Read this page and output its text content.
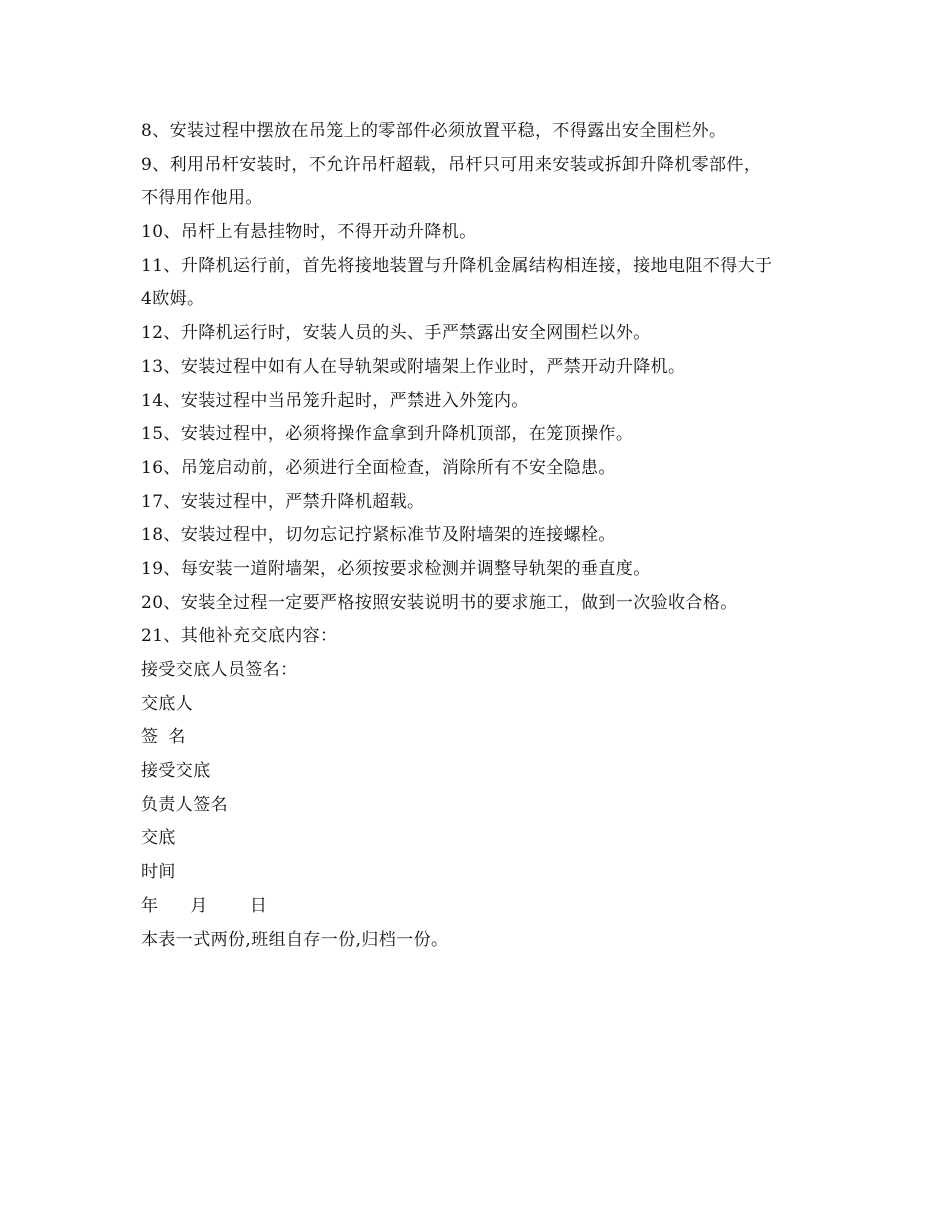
8、安装过程中摆放在吊笼上的零部件必须放置平稳，不得露出安全围栏外。
9、利用吊杆安装时，不允许吊杆超载，吊杆只可用来安装或拆卸升降机零部件，
不得用作他用。
10、吊杆上有悬挂物时，不得开动升降机。
11、升降机运行前，首先将接地装置与升降机金属结构相连接，接地电阻不得大于
4欧姆。
12、升降机运行时，安装人员的头、手严禁露出安全网围栏以外。
13、安装过程中如有人在导轨架或附墙架上作业时，严禁开动升降机。
14、安装过程中当吊笼升起时，严禁进入外笼内。
15、安装过程中，必须将操作盒拿到升降机顶部，在笼顶操作。
16、吊笼启动前，必须进行全面检查，消除所有不安全隐患。
17、安装过程中，严禁升降机超载。
18、安装过程中，切勿忘记拧紧标准节及附墙架的连接螺栓。
19、每安装一道附墙架，必须按要求检测并调整导轨架的垂直度。
20、安装全过程一定要严格按照安装说明书的要求施工，做到一次验收合格。
21、其他补充交底内容：
接受交底人员签名：
交底人
签 名
接受交底
负责人签名
交底
时间
年 月 日
本表一式两份,班组自存一份,归档一份。
